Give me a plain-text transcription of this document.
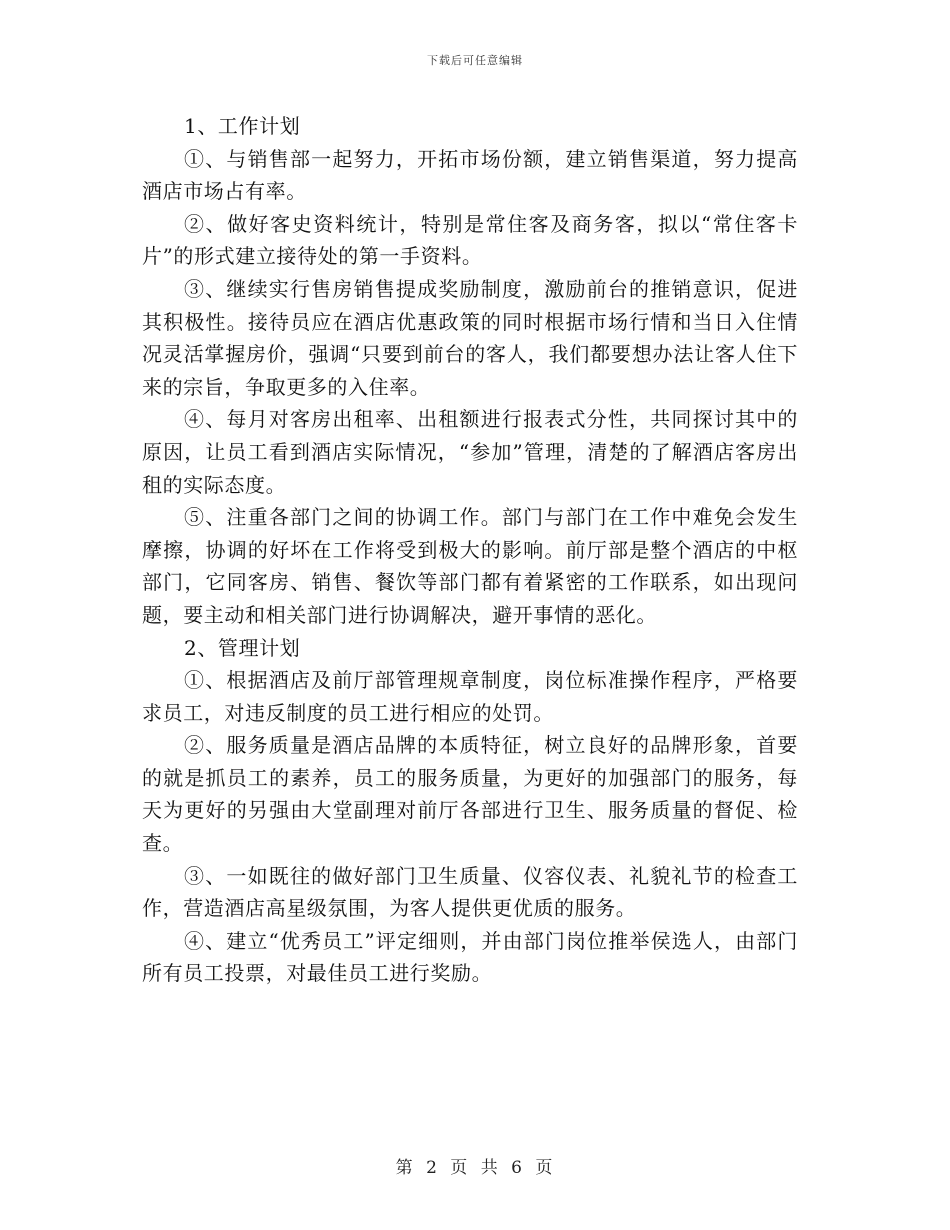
下载后可任意编辑

1、工作计划

①、与销售部一起努力，开拓市场份额，建立销售渠道，努力提高酒店市场占有率。

②、做好客史资料统计，特别是常住客及商务客，拟以“常住客卡片”的形式建立接待处的第一手资料。

③、继续实行售房销售提成奖励制度，激励前台的推销意识，促进其积极性。接待员应在酒店优惠政策的同时根据市场行情和当日入住情况灵活掌握房价，强调“只要到前台的客人，我们都要想办法让客人住下来的宗旨，争取更多的入住率。

④、每月对客房出租率、出租额进行报表式分性，共同探讨其中的原因，让员工看到酒店实际情况，“参加”管理，清楚的了解酒店客房出租的实际态度。

⑤、注重各部门之间的协调工作。部门与部门在工作中难免会发生摩擦，协调的好坏在工作将受到极大的影响。前厅部是整个酒店的中枢部门，它同客房、销售、餐饮等部门都有着紧密的工作联系，如出现问题，要主动和相关部门进行协调解决，避开事情的恶化。

2、管理计划

①、根据酒店及前厅部管理规章制度，岗位标准操作程序，严格要求员工，对违反制度的员工进行相应的处罚。

②、服务质量是酒店品牌的本质特征，树立良好的品牌形象，首要的就是抓员工的素养，员工的服务质量，为更好的加强部门的服务，每天为更好的另强由大堂副理对前厅各部进行卫生、服务质量的督促、检查。

③、一如既往的做好部门卫生质量、仪容仪表、礼貌礼节的检查工作，营造酒店高星级氛围，为客人提供更优质的服务。

④、建立“优秀员工”评定细则，并由部门岗位推举侯选人，由部门所有员工投票，对最佳员工进行奖励。

第 2 页 共 6 页
